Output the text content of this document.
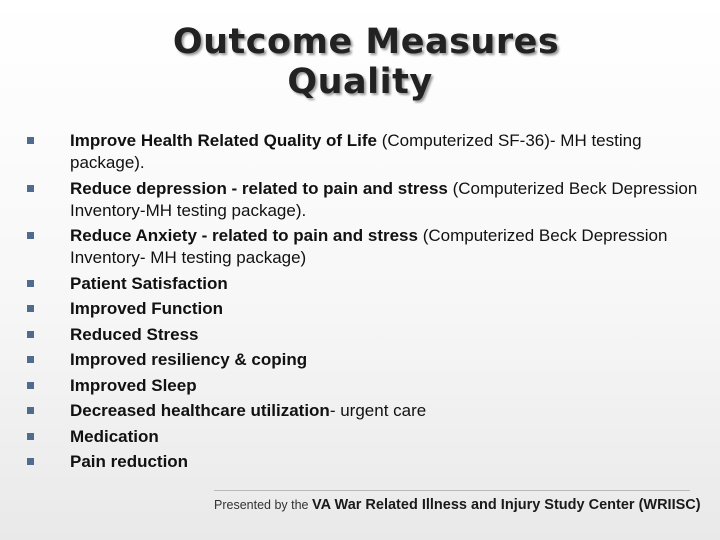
Outcome Measures
Quality
Improve Health Related Quality of Life (Computerized SF-36)- MH testing package).
Reduce depression - related to pain and stress (Computerized Beck Depression Inventory-MH testing package).
Reduce Anxiety - related to pain and stress (Computerized Beck Depression Inventory- MH testing package)
Patient Satisfaction
Improved Function
Reduced Stress
Improved resiliency & coping
Improved Sleep
Decreased healthcare utilization- urgent care
Medication
Pain reduction
Presented by the VA War Related Illness and Injury Study Center (WRIISC)
